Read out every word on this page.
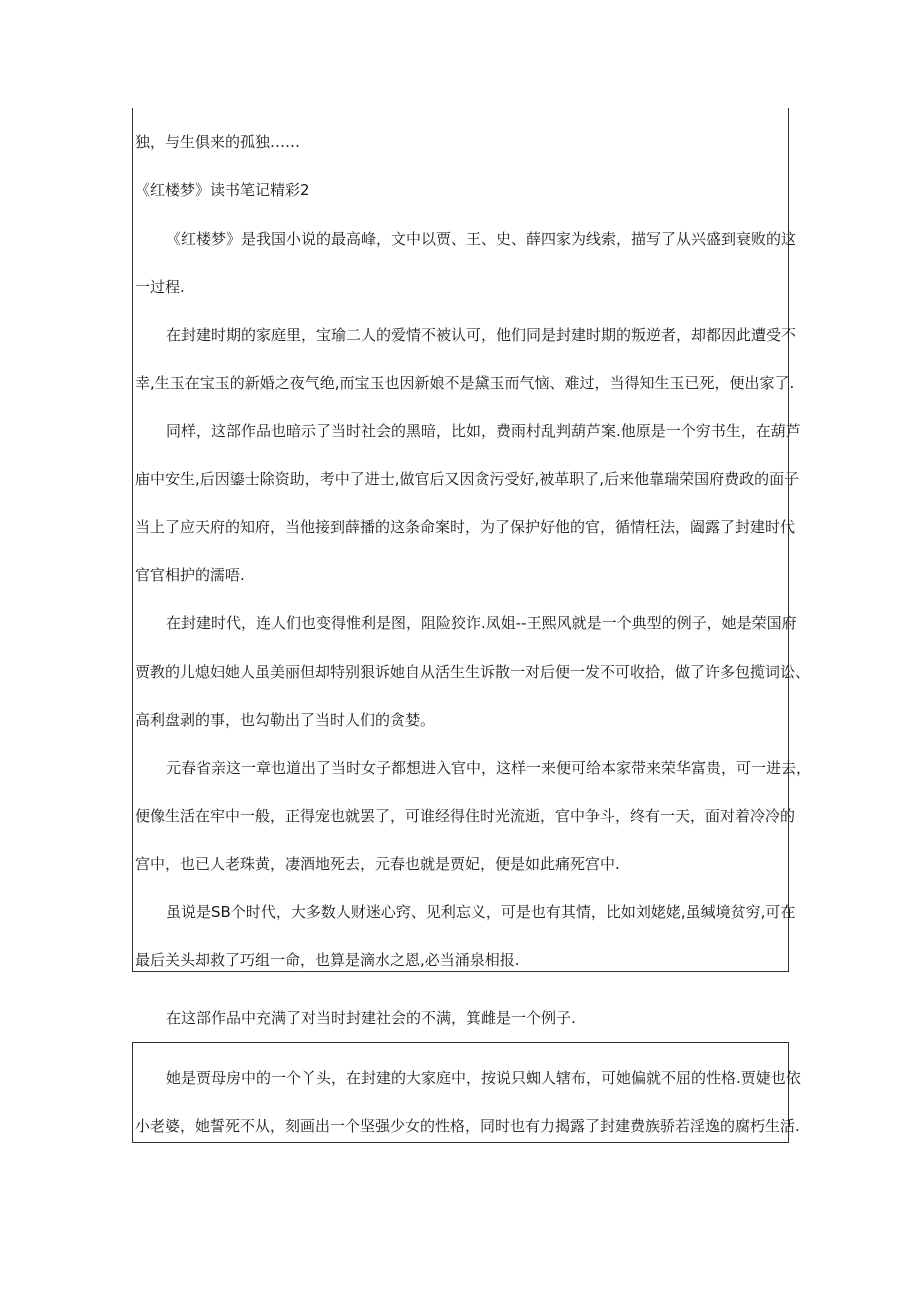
独，与生俱来的孤独……
《红楼梦》读书笔记精彩2
《红楼梦》是我国小说的最高峰，文中以贾、王、史、薛四家为线索，描写了从兴盛到衰败的这
一过程.
在封建时期的家庭里，宝瑜二人的爱情不被认可，他们同是封建时期的叛逆者，却都因此遭受不
幸,生玉在宝玉的新婚之夜气绝,而宝玉也因新娘不是黛玉而气恼、难过，当得知生玉已死，便出家了.
同样，这部作品也暗示了当时社会的黑暗，比如，费雨村乱判葫芦案.他原是一个穷书生，在葫芦
庙中安生,后因鎏士除资助，考中了进士,做官后又因贪污受好,被革职了,后来他靠瑞荣国府费政的面子
当上了应天府的知府，当他接到薛播的这条命案时，为了保护好他的官，循情枉法，阖露了封建时代
官官相护的濡唔.
在封建时代，连人们也变得惟利是图，阻险狡诈.凤姐--王熙风就是一个典型的例子，她是荣国府
贾教的儿熄妇她人虽美丽但却特别狠诉她自从活生生诉散一对后便一发不可收拾，做了许多包揽词讼、
高利盘剥的事，也勾勒出了当时人们的贪婪。
元春省亲这一章也道出了当时女子都想进入官中，这样一来便可给本家带来荣华富贵，可一进去，
便像生活在牢中一般，正得宠也就罢了，可谁经得住时光流逝，官中争斗，终有一天，面对着冷冷的
宫中，也已人老珠黄，凄酒地死去，元春也就是贾妃，便是如此痛死宫中.
虽说是SB个时代，大多数人财迷心窍、见利忘义，可是也有其情，比如刘姥姥,虽缄境贫穷,可在
最后关头却救了巧组一命，也算是滴水之恩,必当涌泉相报.
在这部作品中充满了对当时封建社会的不满，箕雌是一个例子.
她是贾母房中的一个丫头，在封建的大家庭中，按说只蜘人辖布，可她偏就不屈的性格.贾婕也依
小老婆，她誓死不从，刻画出一个坚强少女的性格，同时也有力揭露了封建费族骄若淫逸的腐朽生活.
